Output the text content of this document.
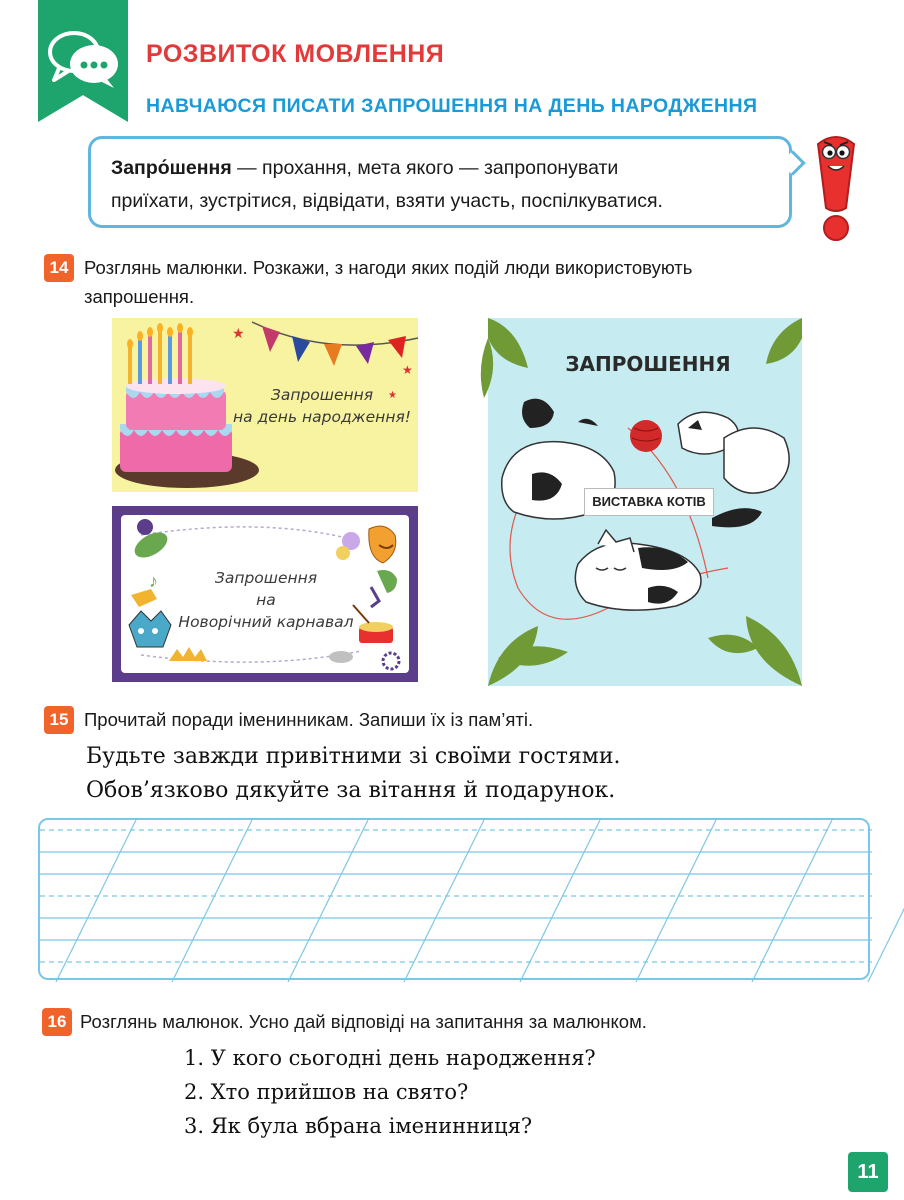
РОЗВИТОК МОВЛЕННЯ
НАВЧАЮСЯ ПИСАТИ ЗАПРОШЕННЯ НА ДЕНЬ НАРОДЖЕННЯ
Запро́шення — прохання, мета якого — запропонувати
приїхати, зустрітися, відвідати, взяти участь, поспілкуватися.
14 Розглянь малюнки. Розкажи, з нагоди яких подій люди використовують
запрошення.
★
★
★
Запрошення
на день народження!
♪	Запрошення
на
Новорічний карнавал
ЗАПРОШЕННЯ
ВИСТАВКА КОТІВ
15 Прочитай поради іменинникам. Запиши їх із пам’яті.
Будьте завжди привітними зі своїми гостями.
Обов’язково дякуйте за вітання й подарунок.
16 Розглянь малюнок. Усно дай відповіді на запитання за малюнком.
1. У кого сьогодні день народження?
2. Хто прийшов на свято?
3. Як була вбрана іменинниця?
11
